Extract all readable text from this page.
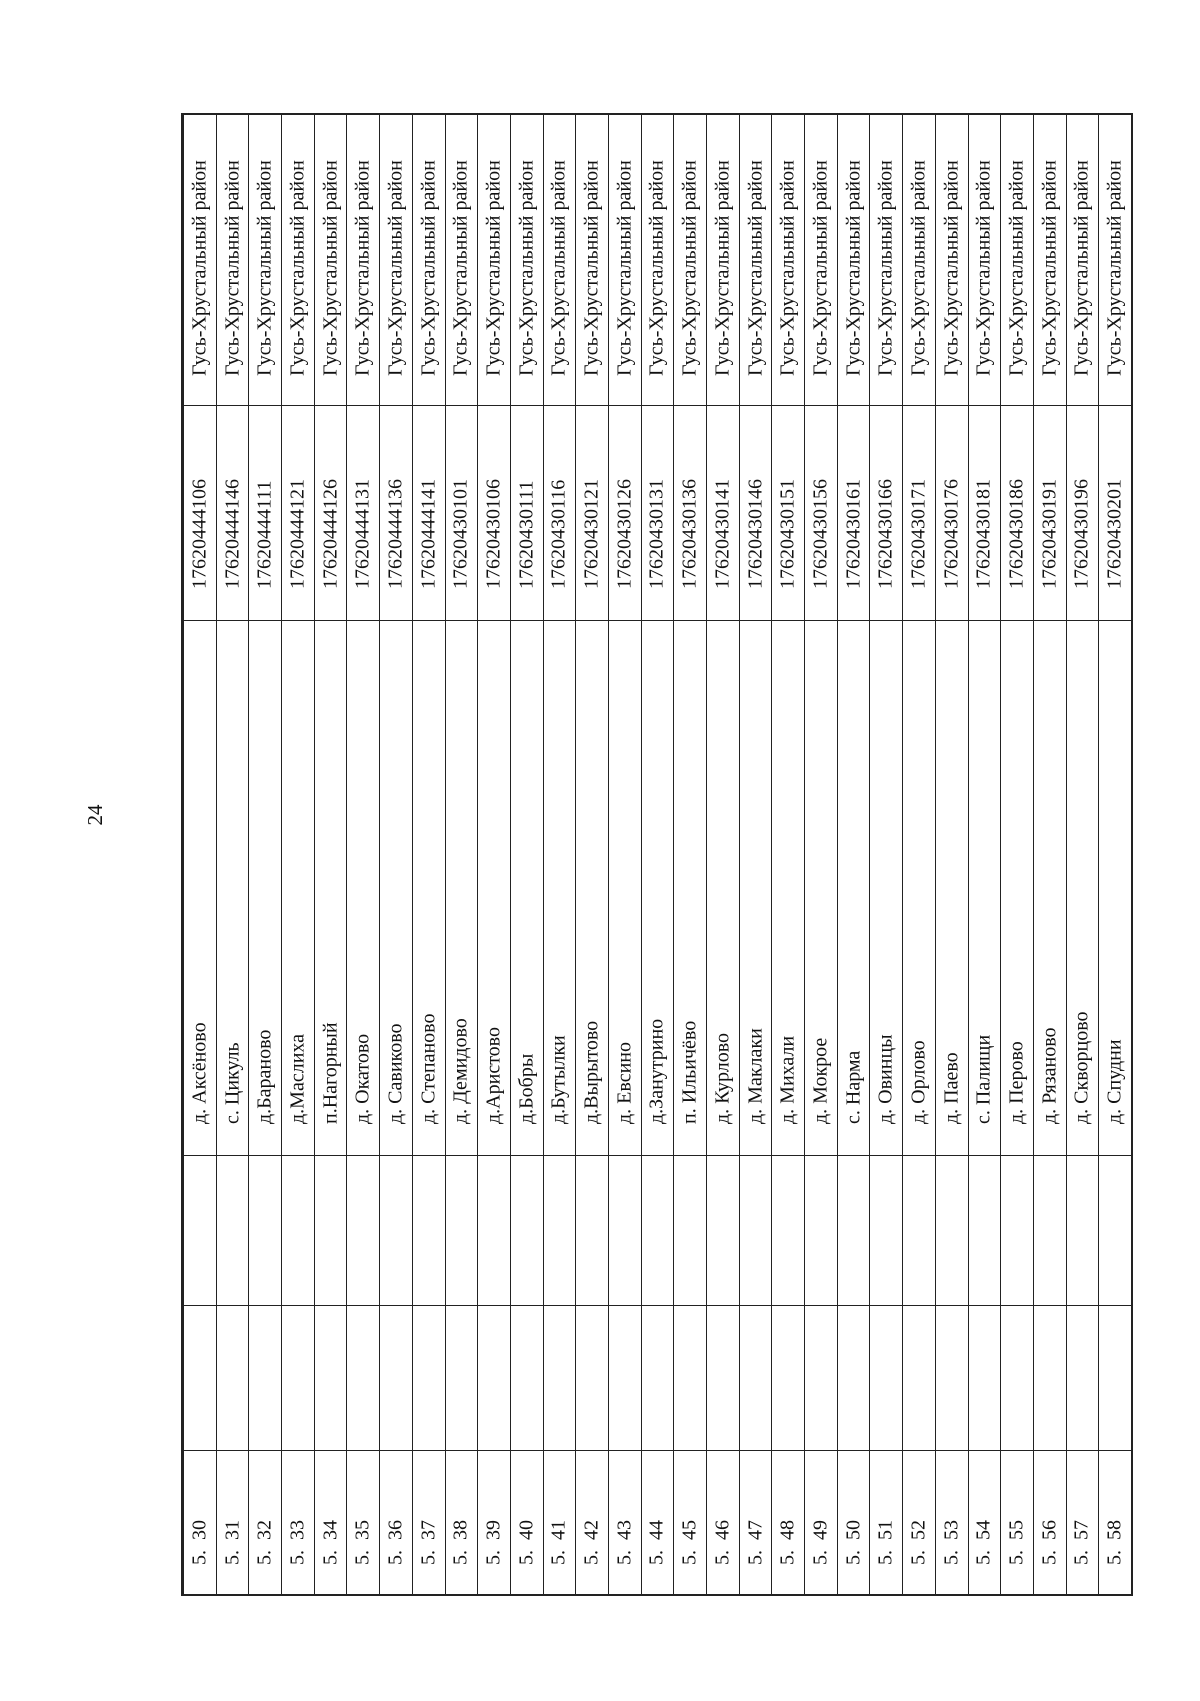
24
5.  30
д. Аксёново
17620444106
Гусь-Хрустальный район
5.  31
с. Цикуль
17620444146
Гусь-Хрустальный район
5.  32
д.Бараново
17620444111
Гусь-Хрустальный район
5.  33
д.Маслиха
17620444121
Гусь-Хрустальный район
5.  34
п.Нагорный
17620444126
Гусь-Хрустальный район
5.  35
д. Окатово
17620444131
Гусь-Хрустальный район
5.  36
д. Савиково
17620444136
Гусь-Хрустальный район
5.  37
д. Степаново
17620444141
Гусь-Хрустальный район
5.  38
д. Демидово
17620430101
Гусь-Хрустальный район
5.  39
д.Аристово
17620430106
Гусь-Хрустальный район
5.  40
д.Бобры
17620430111
Гусь-Хрустальный район
5.  41
д.Бутылки
17620430116
Гусь-Хрустальный район
5.  42
д.Вырытово
17620430121
Гусь-Хрустальный район
5.  43
д. Евсино
17620430126
Гусь-Хрустальный район
5.  44
д.Занутрино
17620430131
Гусь-Хрустальный район
5.  45
п. Ильичёво
17620430136
Гусь-Хрустальный район
5.  46
д. Курлово
17620430141
Гусь-Хрустальный район
5.  47
д. Маклаки
17620430146
Гусь-Хрустальный район
5.  48
д. Михали
17620430151
Гусь-Хрустальный район
5.  49
д. Мокрое
17620430156
Гусь-Хрустальный район
5.  50
с. Нарма
17620430161
Гусь-Хрустальный район
5.  51
д. Овинцы
17620430166
Гусь-Хрустальный район
5.  52
д. Орлово
17620430171
Гусь-Хрустальный район
5.  53
д. Паево
17620430176
Гусь-Хрустальный район
5.  54
с. Палищи
17620430181
Гусь-Хрустальный район
5.  55
д. Перово
17620430186
Гусь-Хрустальный район
5.  56
д. Рязаново
17620430191
Гусь-Хрустальный район
5.  57
д. Скворцово
17620430196
Гусь-Хрустальный район
5.  58
д. Спудни
17620430201
Гусь-Хрустальный район
